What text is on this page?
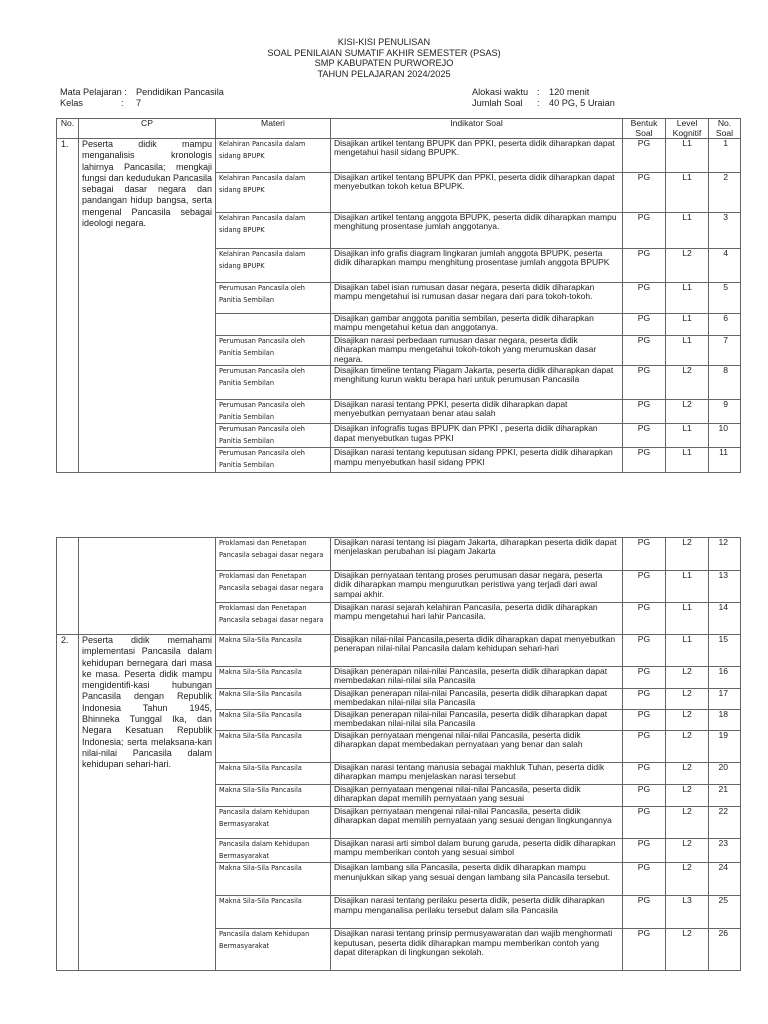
KISI-KISI PENULISAN
SOAL PENILAIAN SUMATIF AKHIR SEMESTER (PSAS)
SMP KABUPATEN PURWOREJO
TAHUN PELAJARAN 2024/2025
Mata Pelajaran : Pendidikan Pancasila
Kelas	:	7
Alokasi waktu :	120 menit
Jumlah Soal	:	40 PG, 5 Uraian
No.	CP	Materi	Indikator Soal	Bentuk Soal	Level Kognitif	No. Soal
1.	Peserta didik mampu menganalisis kronologis lahirnya Pancasila; mengkaji fungsi dan kedudukan Pancasila sebagai dasar negara dan pandangan hidup bangsa, serta mengenal Pancasila sebagai ideologi negara.	Kelahiran Pancasila dalam sidang BPUPK	Disajikan artikel tentang BPUPK dan PPKI, peserta didik diharapkan dapat mengetahui hasil sidang BPUPK.	PG	L1	1
		Kelahiran Pancasila dalam sidang BPUPK	Disajikan artikel tentang BPUPK dan PPKI, peserta didik diharapkan dapat menyebutkan tokoh ketua BPUPK.	PG	L1	2
		Kelahiran Pancasila dalam sidang BPUPK	Disajikan artikel tentang anggota BPUPK, peserta didik diharapkan mampu menghitung prosentase jumlah anggotanya.	PG	L1	3
		Kelahiran Pancasila dalam sidang BPUPK	Disajikan info grafis diagram lingkaran jumlah anggota BPUPK, peserta didik diharapkan mampu menghitung prosentase jumlah anggota BPUPK	PG	L2	4
		Perumusan Pancasila oleh Panitia Sembilan	Disajikan tabel isian rumusan dasar negara, peserta didik diharapkan mampu mengetahui isi rumusan dasar negara dari para tokoh-tokoh.	PG	L1	5
			Disajikan gambar anggota panitia sembilan, peserta didik diharapkan mampu mengetahui ketua dan anggotanya.	PG	L1	6
		Perumusan Pancasila oleh Panitia Sembilan	Disajikan narasi perbedaan rumusan dasar negara, peserta didik diharapkan mampu mengetahui tokoh-tokoh yang merumuskan dasar negara.	PG	L1	7
		Perumusan Pancasila oleh Panitia Sembilan	Disajikan timeline tentang Piagam Jakarta, peserta didik diharapkan dapat menghitung kurun waktu berapa hari untuk perumusan Pancasila	PG	L2	8
		Perumusan Pancasila oleh Panitia Sembilan	Disajikan narasi tentang PPKI, peserta didik diharapkan dapat menyebutkan pernyataan benar atau salah	PG	L2	9
		Perumusan Pancasila oleh Panitia Sembilan	Disajikan infografis tugas BPUPK dan PPKI , peserta didik diharapkan dapat menyebutkan tugas PPKI	PG	L1	10
		Perumusan Pancasila oleh Panitia Sembilan	Disajikan narasi tentang keputusan sidang PPKI, peserta didik diharapkan mampu menyebutkan hasil sidang PPKI	PG	L1	11
		Proklamasi dan Penetapan Pancasila sebagai dasar negara	Disajikan narasi tentang isi piagam Jakarta, diharapkan peserta didik dapat menjelaskan perubahan isi piagam Jakarta	PG	L2	12
		Proklamasi dan Penetapan Pancasila sebagai dasar negara	Disajikan pernyataan tentang proses perumusan dasar negara, peserta didik diharapkan mampu mengurutkan peristiwa yang terjadi dari awal sampai akhir.	PG	L1	13
		Proklamasi dan Penetapan Pancasila sebagai dasar negara	Disajikan narasi sejarah kelahiran Pancasila, peserta didik diharapkan mampu mengetahui hari lahir Pancasila.	PG	L1	14
2.	Peserta didik memahami implementasi Pancasila dalam kehidupan bernegara dari masa ke masa. Peserta didik mampu mengidentifi-kasi hubungan Pancasila dengan Republik Indonesia Tahun 1945, Bhinneka Tunggal Ika, dan Negara Kesatuan Republik Indonesia; serta melaksana-kan nilai-nilai Pancasila dalam kehidupan sehari-hari.	Makna Sila-Sila Pancasila	Disajikan nilai-nilai Pancasila,peserta didik diharapkan dapat menyebutkan penerapan nilai-nilai Pancasila dalam kehidupan sehari-hari	PG	L1	15
		Makna Sila-Sila Pancasila	Disajikan penerapan nilai-nilai Pancasila, peserta didik diharapkan dapat membedakan nilai-nilai sila Pancasila	PG	L2	16
		Makna Sila-Sila Pancasila	Disajikan penerapan nilai-nilai Pancasila, peserta didik diharapkan dapat membedakan nilai-nilai sila Pancasila	PG	L2	17
		Makna Sila-Sila Pancasila	Disajikan penerapan nilai-nilai Pancasila, peserta didik diharapkan dapat membedakan nilai-nilai sila Pancasila	PG	L2	18
		Makna Sila-Sila Pancasila	Disajikan pernyataan mengenai nilai-nilai Pancasila, peserta didik diharapkan dapat membedakan pernyataan yang benar dan salah	PG	L2	19
		Makna Sila-Sila Pancasila	Disajikan narasi tentang manusia sebagai makhluk Tuhan, peserta didik diharapkan mampu menjelaskan narasi tersebut	PG	L2	20
		Makna Sila-Sila Pancasila	Disajikan pernyataan mengenai nilai-nilai Pancasila, peserta didik diharapkan dapat memilih pernyataan yang sesuai	PG	L2	21
		Pancasila dalam Kehidupan Bermasyarakat	Disajikan pernyataan mengenai nilai-nilai Pancasila, peserta didik diharapkan dapat memilih pernyataan yang sesuai dengan lingkungannya	PG	L2	22
		Pancasila dalam Kehidupan Bermasyarakat	Disajikan narasi arti simbol dalam burung garuda, peserta didik diharapkan mampu memberikan contoh yang sesuai simbol	PG	L2	23
		Makna Sila-Sila Pancasila	Disajikan lambang sila Pancasila, peserta didik diharapkan mampu menunjukkan sikap yang sesuai dengan lambang sila Pancasila tersebut.	PG	L2	24
		Makna Sila-Sila Pancasila	Disajikan narasi tentang perilaku peserta didik, peserta didik diharapkan mampu menganalisa perilaku tersebut dalam sila Pancasila	PG	L3	25
		Pancasila dalam Kehidupan Bermasyarakat	Disajikan narasi tentang prinsip permusyawaratan dan wajib menghormati keputusan, peserta didik diharapkan mampu memberikan contoh yang dapat diterapkan di lingkungan sekolah.	PG	L2	26
